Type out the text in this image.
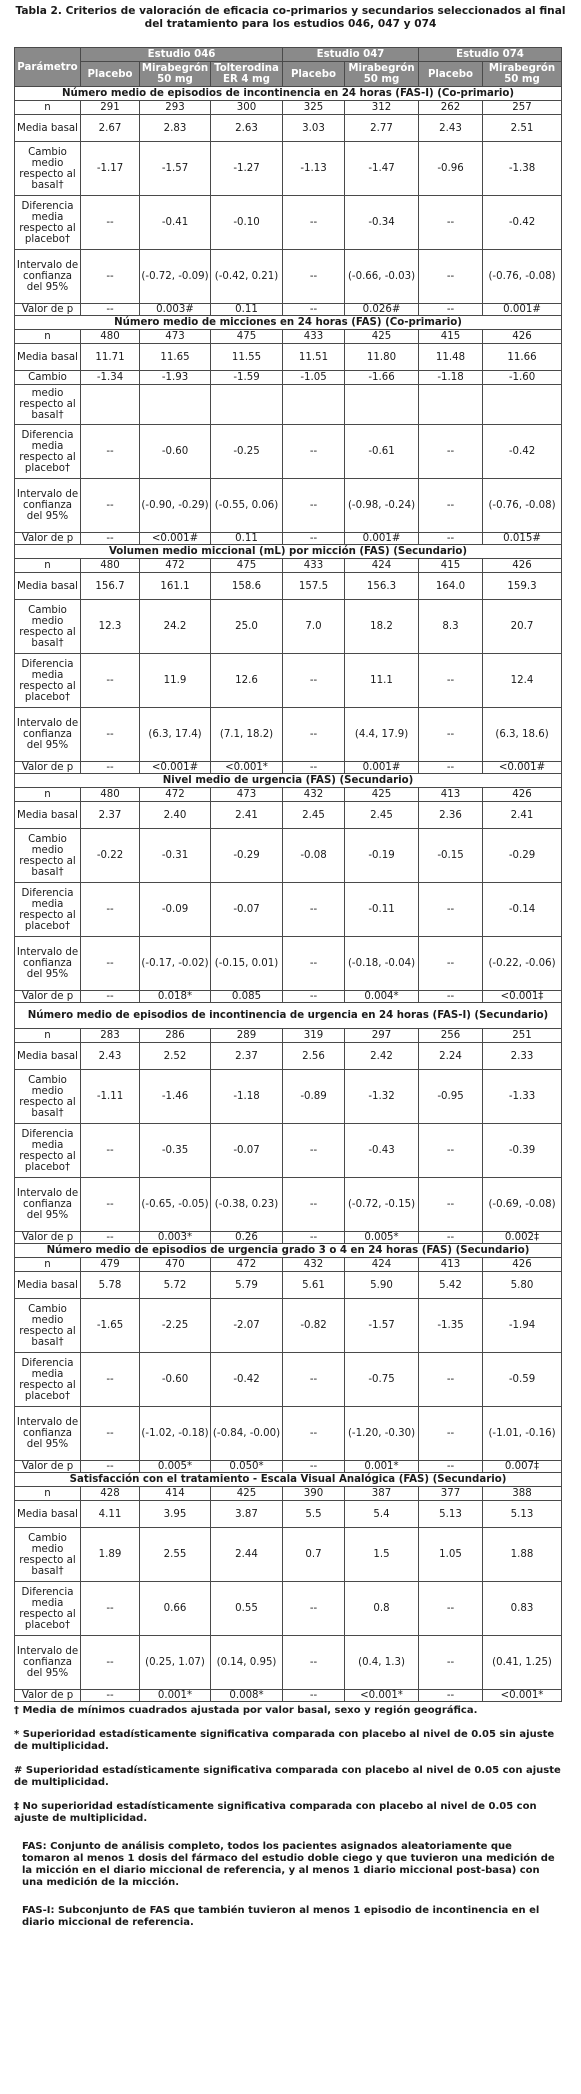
Tabla 2. Criterios de valoración de eficacia co-primarios y secundarios seleccionados al final del tratamiento para los estudios 046, 047 y 074
Parámetro	Estudio 046			Estudio 047		Estudio 074	
	Placebo	Mirabegrón 50 mg	Tolterodina ER 4 mg	Placebo	Mirabegrón 50 mg	Placebo	Mirabegrón 50 mg
Número medio de episodios de incontinencia en 24 horas (FAS-I) (Co-primario)							
n	291	293	300	325	312	262	257
Media basal	2.67	2.83	2.63	3.03	2.77	2.43	2.51
Cambio medio respecto al basal†	-1.17	-1.57	-1.27	-1.13	-1.47	-0.96	-1.38
Diferencia media respecto al placebo†	--	-0.41	-0.10	--	-0.34	--	-0.42
Intervalo de confianza del 95%	--	(-0.72, -0.09)	(-0.42, 0.21)	--	(-0.66, -0.03)	--	(-0.76, -0.08)
Valor de p	--	0.003#	0.11	--	0.026#	--	0.001#
Número medio de micciones en 24 horas (FAS) (Co-primario)							
n	480	473	475	433	425	415	426
Media basal	11.71	11.65	11.55	11.51	11.80	11.48	11.66
Cambio	-1.34	-1.93	-1.59	-1.05	-1.66	-1.18	-1.60
medio respecto al basal†							
Diferencia media respecto al placebo†	--	-0.60	-0.25	--	-0.61	--	-0.42
Intervalo de confianza del 95%	--	(-0.90, -0.29)	(-0.55, 0.06)	--	(-0.98, -0.24)	--	(-0.76, -0.08)
Valor de p	--	<0.001#	0.11	--	0.001#	--	0.015#
Volumen medio miccional (mL) por micción (FAS) (Secundario)							
n	480	472	475	433	424	415	426
Media basal	156.7	161.1	158.6	157.5	156.3	164.0	159.3
Cambio medio respecto al basal†	12.3	24.2	25.0	7.0	18.2	8.3	20.7
Diferencia media respecto al placebo†	--	11.9	12.6	--	11.1	--	12.4
Intervalo de confianza del 95%	--	(6.3, 17.4)	(7.1, 18.2)	--	(4.4, 17.9)	--	(6.3, 18.6)
Valor de p	--	<0.001#	<0.001*	--	0.001#	--	<0.001#
Nivel medio de urgencia (FAS) (Secundario)							
n	480	472	473	432	425	413	426
Media basal	2.37	2.40	2.41	2.45	2.45	2.36	2.41
Cambio medio respecto al basal†	-0.22	-0.31	-0.29	-0.08	-0.19	-0.15	-0.29
Diferencia media respecto al placebo†	--	-0.09	-0.07	--	-0.11	--	-0.14
Intervalo de confianza del 95%	--	(-0.17, -0.02)	(-0.15, 0.01)	--	(-0.18, -0.04)	--	(-0.22, -0.06)
Valor de p	--	0.018*	0.085	--	0.004*	--	<0.001‡
Número medio de episodios de incontinencia de urgencia en 24 horas (FAS-I) (Secundario)							
n	283	286	289	319	297	256	251
Media basal	2.43	2.52	2.37	2.56	2.42	2.24	2.33
Cambio medio respecto al basal†	-1.11	-1.46	-1.18	-0.89	-1.32	-0.95	-1.33
Diferencia media respecto al placebo†	--	-0.35	-0.07	--	-0.43	--	-0.39
Intervalo de confianza del 95%	--	(-0.65, -0.05)	(-0.38, 0.23)	--	(-0.72, -0.15)	--	(-0.69, -0.08)
Valor de p	--	0.003*	0.26	--	0.005*	--	0.002‡
Número medio de episodios de urgencia grado 3 o 4 en 24 horas (FAS) (Secundario)							
n	479	470	472	432	424	413	426
Media basal	5.78	5.72	5.79	5.61	5.90	5.42	5.80
Cambio medio respecto al basal†	-1.65	-2.25	-2.07	-0.82	-1.57	-1.35	-1.94
Diferencia media respecto al placebo†	--	-0.60	-0.42	--	-0.75	--	-0.59
Intervalo de confianza del 95%	--	(-1.02, -0.18)	(-0.84, -0.00)	--	(-1.20, -0.30)	--	(-1.01, -0.16)
Valor de p	--	0.005*	0.050*	--	0.001*	--	0.007‡
Satisfacción con el tratamiento - Escala Visual Analógica (FAS) (Secundario)							
n	428	414	425	390	387	377	388
Media basal	4.11	3.95	3.87	5.5	5.4	5.13	5.13
Cambio medio respecto al basal†	1.89	2.55	2.44	0.7	1.5	1.05	1.88
Diferencia media respecto al placebo†	--	0.66	0.55	--	0.8	--	0.83
Intervalo de confianza del 95%	--	(0.25, 1.07)	(0.14, 0.95)	--	(0.4, 1.3)	--	(0.41, 1.25)
Valor de p	--	0.001*	0.008*	--	<0.001*	--	<0.001*
† Media de mínimos cuadrados ajustada por valor basal, sexo y región geográfica.
* Superioridad estadísticamente significativa comparada con placebo al nivel de 0.05 sin ajuste de multiplicidad.
# Superioridad estadísticamente significativa comparada con placebo al nivel de 0.05 con ajuste de multiplicidad.
‡ No superioridad estadísticamente significativa comparada con placebo al nivel de 0.05 con ajuste de multiplicidad.
FAS: Conjunto de análisis completo, todos los pacientes asignados aleatoriamente que tomaron al menos 1 dosis del fármaco del estudio doble ciego y que tuvieron una medición de la micción en el diario miccional de referencia, y al menos 1 diario miccional post-basa) con una medición de la micción.
FAS-I: Subconjunto de FAS que también tuvieron al menos 1 episodio de incontinencia en el diario miccional de referencia.
